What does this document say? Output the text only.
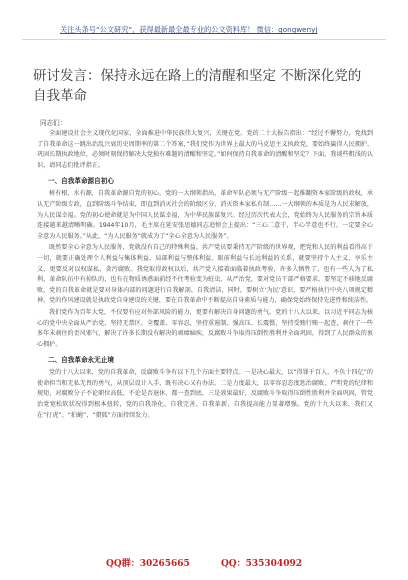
关注头条号“公文研究”，获得最新最全最专业的公文资料库！ 微信：gongwenyj
研讨发言：保持永远在路上的清醒和坚定 不断深化党的自我革命
同志们：

全面建设社会主义现代化国家、全面推进中华民族伟大复兴，关键在党。党的二十大报告指出：“经过不懈努力，党找到了自我革命这一跳出治乱兴衰历史周期率的第二个答案，”我们党作为世界上最大的马克思主义执政党，要始终赢得人民拥护、巩固长期执政地位，必须时刻保持解决大党独有难题的清醒和坚定。”如何保持自我革命的清醒和坚定？下面，我谈些粗浅的认识，请同志们批评指正。

一、自我革命源自初心

树有根，水有源，自我革命源自党的初心。党的一大纲领指出，革命军队必须与无产阶级一起推翻资本家阶级的政权，承认无产阶级专政，直到阶级斗争结束，即直到消灭社会的阶级区分，消灭资本家私有制……一大纲领的本质是为人民求解放，为人民谋幸福。党的初心使命就是为中国人民谋幸福，为中华民族谋复兴。经过历次代表大会，党始终为人民服务的宗旨本质连接越来越清晰明确。1944年10月，毛主席在延安张思德同志追悼会上提出：“三心二意干，半心半意也不行，一定要全心全意为人民服务。”从此，“为人民服务”就成为了“全心全意为人民服务”。

既然要全心全意为人民服务，党就没有自己的特殊利益。共产党员要秉持无产阶级的世界观，把党和人民的利益看得高于一切，就要正确处理个人利益与集体利益、局部利益与整体利益、眼前利益与长远利益的关系，就要坚持个人主义、享乐主义，更要反对以权谋私、贪污腐败。我党取得政权以后，共产党人接着面临着执政考验，许多人牺牲了，也有一些人为了私利，革命队伍中有掉队的，也有在物质诱惑面前经不住考验变为蛀虫，从严治党，要对党员干部严格要求，要坚定不移地反腐败，党的自我革命就是要对身体内部的问题进行自我解剖、自我清洁，同时，要树立‘为民’意识，要严格执行中央八项规定精神，党的作风建设就是执政党自身建设的关键，要在自我革命中不断提高自身素质与能力，确保党始终保持先进性和纯洁性。

我们党作为百年大党，不仅要有应对外部风险的能力，更要有解决自身问题的勇气。党的十八大以来，以习近平同志为核心的党中央全面从严治党，坚持无禁区、全覆盖、零容忍，坚持重遏制、强高压、长震慑，坚持受贿行贿一起查，刹住了一些多年未刹住的歪风邪气，解决了许多长期没有解决的顽瘴痼疾，反腐败斗争取得压倒性胜利并全面巩固，得到了人民群众的衷心拥护。

二、自我革命永无止境

党的十八大以来，党的自我革命，反腐败斗争有以下几个方面主要特点。一是决心最大，以“得罪千百人，不负十四亿”的使命担当和无私无畏的勇气，从顶层设计入手，既有决心又有办法。二是力度最大，以零容忍态度惩治腐败，严明党的纪律和规矩，对腐败分子不论职位高低、不论是否退休，都一查到底。三是效果最好，反腐败斗争取得压倒性胜利并全面巩固，管党治党宽松软状况得到根本扭转，党的自我净化、自我完善、自我革新、自我提高能力显著增强。党的十九大以来，我们又在“打虎”、“拍蝇”、“猎狐”方面持续发力。

QQ群：30265665	QQ：535304092
